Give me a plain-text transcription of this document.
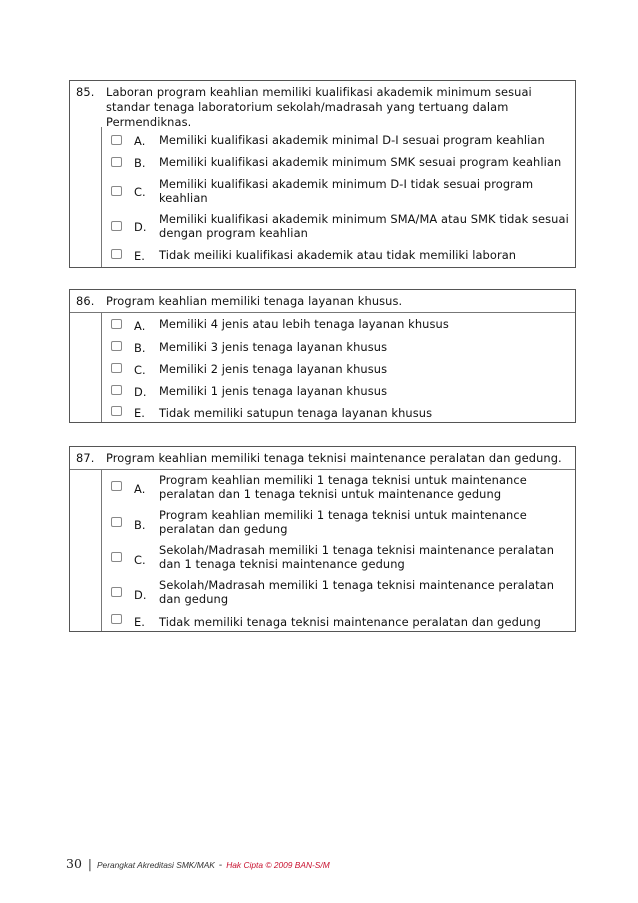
85.	Laboran program keahlian memiliki kualifikasi akademik minimum sesuai standar tenaga laboratorium sekolah/madrasah yang tertuang dalam Permendiknas.
A. Memiliki kualifikasi akademik minimal D-I sesuai program keahlian
B. Memiliki kualifikasi akademik minimum SMK sesuai program keahlian
C.
Memiliki kualifikasi akademik minimum D-I tidak sesuai program keahlian
D.
Memiliki kualifikasi akademik minimum SMA/MA atau SMK tidak sesuai dengan program keahlian
E. Tidak meiliki kualifikasi akademik atau tidak memiliki laboran
86.	Program keahlian memiliki tenaga layanan khusus.
A. Memiliki 4 jenis atau lebih tenaga layanan khusus
B. Memiliki 3 jenis tenaga layanan khusus
C. Memiliki 2 jenis tenaga layanan khusus
D. Memiliki 1 jenis tenaga layanan khusus
E. Tidak memiliki satupun tenaga layanan khusus
87.	Program keahlian memiliki tenaga teknisi maintenance peralatan dan gedung.
A.
Program keahlian memiliki 1 tenaga teknisi untuk maintenance peralatan dan 1 tenaga teknisi untuk maintenance gedung
B.
Program keahlian memiliki 1 tenaga teknisi untuk maintenance peralatan dan gedung
C.
Sekolah/Madrasah memiliki 1 tenaga teknisi maintenance peralatan dan 1 tenaga teknisi maintenance gedung
D.
Sekolah/Madrasah memiliki 1 tenaga teknisi maintenance peralatan dan gedung
E. Tidak memiliki tenaga teknisi maintenance peralatan dan gedung
30 | Perangkat Akreditasi SMK/MAK - Hak Cipta © 2009 BAN-S/M
